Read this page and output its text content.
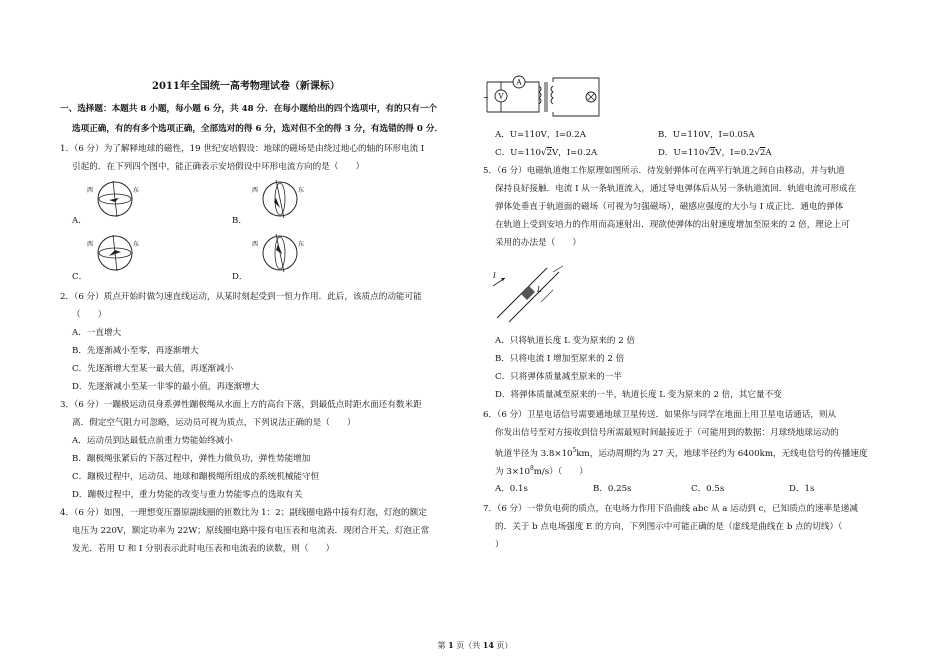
2011年全国统一高考物理试卷（新课标）
一、选择题：本题共 8 小题，每小题 6 分，共 48 分．在每小题给出的四个选项中，有的只有一个
选项正确，有的有多个选项正确，全部选对的得 6 分，选对但不全的得 3 分，有选错的得 0 分．
1．（6 分）为了解释地球的磁性，19 世纪安培假设：地球的磁场是由绕过地心的轴的环形电流 I
引起的．在下列四个图中，能正确表示安培假设中环形电流方向的是（　　）
A．	B．
C．	D．
西	东	西	东
西	东	西	东
2．（6 分）质点开始时做匀速直线运动，从某时刻起受到一恒力作用．此后，该质点的动能可能
（　　）
A．一直增大
B．先逐渐减小至零，再逐渐增大
C．先逐渐增大至某一最大值，再逐渐减小
D．先逐渐减小至某一非零的最小值，再逐渐增大
3．（6 分）一蹦极运动员身系弹性蹦极绳从水面上方的高台下落，到最低点时距水面还有数米距
离．假定空气阻力可忽略，运动员可视为质点，下列说法正确的是（　　）
A．运动员到达最低点前重力势能始终减小
B．蹦极绳张紧后的下落过程中，弹性力做负功，弹性势能增加
C．蹦极过程中，运动员、地球和蹦极绳所组成的系统机械能守恒
D．蹦极过程中，重力势能的改变与重力势能零点的选取有关
4．（6 分）如图，一理想变压器原副线圈的匝数比为 1：2；副线圈电路中接有灯泡，灯泡的额定
电压为 220V，额定功率为 22W；原线圈电路中接有电压表和电流表．现闭合开关，灯泡正常
发光．若用 U 和 I 分别表示此时电压表和电流表的读数，则（　　）
~
A
V
A．U=110V，I=0.2A	B．U=110V，I=0.05A
C．U=110√2V，I=0.2A	D．U=110√2V，I=0.2√2A
5．（6 分）电磁轨道炮工作原理如图所示．待发射弹体可在两平行轨道之间自由移动，并与轨道
保持良好接触．电流 I 从一条轨道流入，通过导电弹体后从另一条轨道流回．轨道电流可形成在
弹体处垂直于轨道面的磁场（可视为匀强磁场），磁感应强度的大小与 I 成正比．通电的弹体
在轨道上受到安培力的作用而高速射出．现欲使弹体的出射速度增加至原来的 2 倍，理论上可
采用的办法是（　　）
I
L
A．只将轨道长度 L 变为原来的 2 倍
B．只将电流 I 增加至原来的 2 倍
C．只将弹体质量减至原来的一半
D．将弹体质量减至原来的一半，轨道长度 L 变为原来的 2 倍，其它量不变
6．（6 分）卫星电话信号需要通地球卫星传送．如果你与同学在地面上用卫星电话通话，则从
你发出信号至对方接收到信号所需最短时间最接近于（可能用到的数据：月球绕地球运动的
轨道半径为 $3.8\times 10^5km$，运动周期约为 27 天，地球半径约为 6400km，无线电信号的传播速度
为 $3\times 10^8m/s$）（　　）
A．0.1s	B．0.25s	C．0.5s	D．1s
7．（6 分）一带负电荷的质点，在电场力作用下沿曲线 abc 从 a 运动到 c，已知质点的速率是递减
的．关于 b 点电场强度 E 的方向，下列图示中可能正确的是（虚线是曲线在 b 点的切线）（
）
第 1 页（共 14 页）
